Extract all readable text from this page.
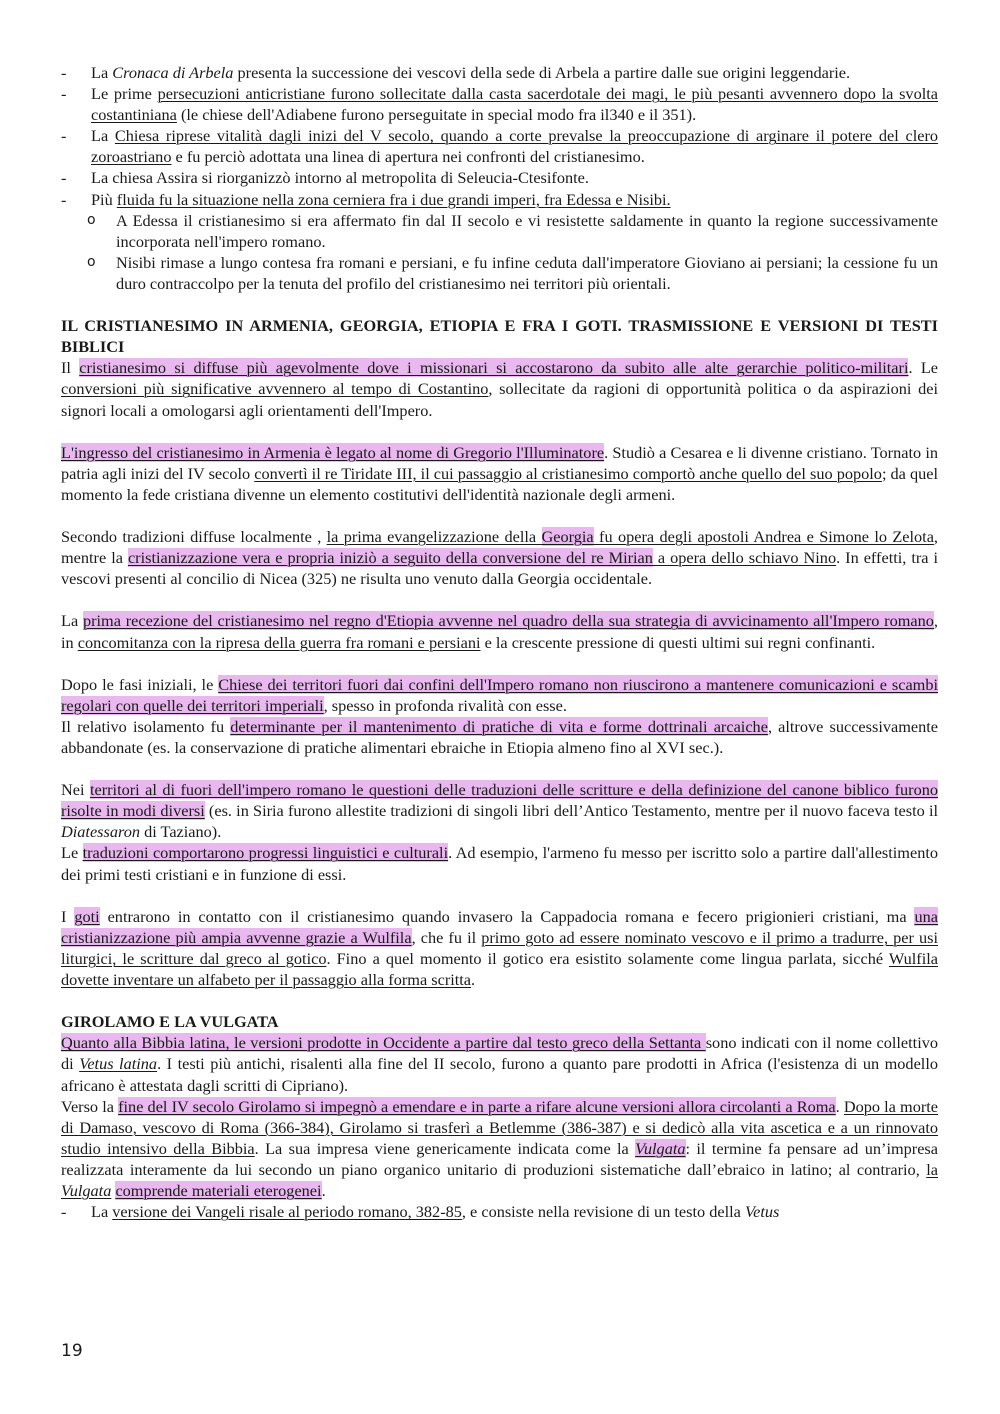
- La Cronaca di Arbela presenta la successione dei vescovi della sede di Arbela a partire dalle sue origini leggendarie.
- Le prime persecuzioni anticristiane furono sollecitate dalla casta sacerdotale dei magi, le più pesanti avvennero dopo la svolta costantiniana (le chiese dell'Adiabene furono perseguitate in special modo fra il340 e il 351).
- La Chiesa riprese vitalità dagli inizi del V secolo, quando a corte prevalse la preoccupazione di arginare il potere del clero zoroastriano e fu perciò adottata una linea di apertura nei confronti del cristianesimo.
- La chiesa Assira si riorganizzò intorno al metropolita di Seleucia-Ctesifonte.
- Più fluida fu la situazione nella zona cerniera fra i due grandi imperi, fra Edessa e Nisibi.
o A Edessa il cristianesimo si era affermato fin dal II secolo e vi resistette saldamente in quanto la regione successivamente incorporata nell'impero romano.
o Nisibi rimase a lungo contesa fra romani e persiani, e fu infine ceduta dall'imperatore Gioviano ai persiani; la cessione fu un duro contraccolpo per la tenuta del profilo del cristianesimo nei territori più orientali.
IL CRISTIANESIMO IN ARMENIA, GEORGIA, ETIOPIA E FRA I GOTI. TRASMISSIONE E VERSIONI DI TESTI BIBLICI

Il cristianesimo si diffuse più agevolmente dove i missionari si accostarono da subito alle alte gerarchie politico-militari. Le conversioni più significative avvennero al tempo di Costantino, sollecitate da ragioni di opportunità politica o da aspirazioni dei signori locali a omologarsi agli orientamenti dell'Impero.

L'ingresso del cristianesimo in Armenia è legato al nome di Gregorio l'Illuminatore. Studiò a Cesarea e li divenne cristiano. Tornato in patria agli inizi del IV secolo convertì il re Tiridate III, il cui passaggio al cristianesimo comportò anche quello del suo popolo; da quel momento la fede cristiana divenne un elemento costitutivi dell'identità nazionale degli armeni.

Secondo tradizioni diffuse localmente , la prima evangelizzazione della Georgia fu opera degli apostoli Andrea e Simone lo Zelota, mentre la cristianizzazione vera e propria iniziò a seguito della conversione del re Mirian a opera dello schiavo Nino. In effetti, tra i vescovi presenti al concilio di Nicea (325) ne risulta uno venuto dalla Georgia occidentale.

La prima recezione del cristianesimo nel regno d'Etiopia avvenne nel quadro della sua strategia di avvicinamento all'Impero romano, in concomitanza con la ripresa della guerra fra romani e persiani e la crescente pressione di questi ultimi sui regni confinanti.

Dopo le fasi iniziali, le Chiese dei territori fuori dai confini dell'Impero romano non riuscirono a mantenere comunicazioni e scambi regolari con quelle dei territori imperiali, spesso in profonda rivalità con esse.

Il relativo isolamento fu determinante per il mantenimento di pratiche di vita e forme dottrinali arcaiche, altrove successivamente abbandonate (es. la conservazione di pratiche alimentari ebraiche in Etiopia almeno fino al XVI sec.).

Nei territori al di fuori dell'impero romano le questioni delle traduzioni delle scritture e della definizione del canone biblico furono risolte in modi diversi (es. in Siria furono allestite tradizioni di singoli libri dell’Antico Testamento, mentre per il nuovo faceva testo il Diatessaron di Taziano).

Le traduzioni comportarono progressi linguistici e culturali. Ad esempio, l'armeno fu messo per iscritto solo a partire dall'allestimento dei primi testi cristiani e in funzione di essi.

I goti entrarono in contatto con il cristianesimo quando invasero la Cappadocia romana e fecero prigionieri cristiani, ma una cristianizzazione più ampia avvenne grazie a Wulfila, che fu il primo goto ad essere nominato vescovo e il primo a tradurre, per usi liturgici, le scritture dal greco al gotico. Fino a quel momento il gotico era esistito solamente come lingua parlata, sicché Wulfila dovette inventare un alfabeto per il passaggio alla forma scritta.

GIROLAMO E LA VULGATA

Quanto alla Bibbia latina, le versioni prodotte in Occidente a partire dal testo greco della Settanta sono indicati con il nome collettivo di Vetus latina. I testi più antichi, risalenti alla fine del II secolo, furono a quanto pare prodotti in Africa (l'esistenza di un modello africano è attestata dagli scritti di Cipriano).

Verso la fine del IV secolo Girolamo si impegnò a emendare e in parte a rifare alcune versioni allora circolanti a Roma. Dopo la morte di Damaso, vescovo di Roma (366-384), Girolamo si trasferì a Betlemme (386-387) e si dedicò alla vita ascetica e a un rinnovato studio intensivo della Bibbia. La sua impresa viene genericamente indicata come la Vulgata: il termine fa pensare ad un’impresa realizzata interamente da lui secondo un piano organico unitario di produzioni sistematiche dall’ebraico in latino; al contrario, la Vulgata comprende materiali eterogenei.

- La versione dei Vangeli risale al periodo romano, 382-85, e consiste nella revisione di un testo della Vetus
19
